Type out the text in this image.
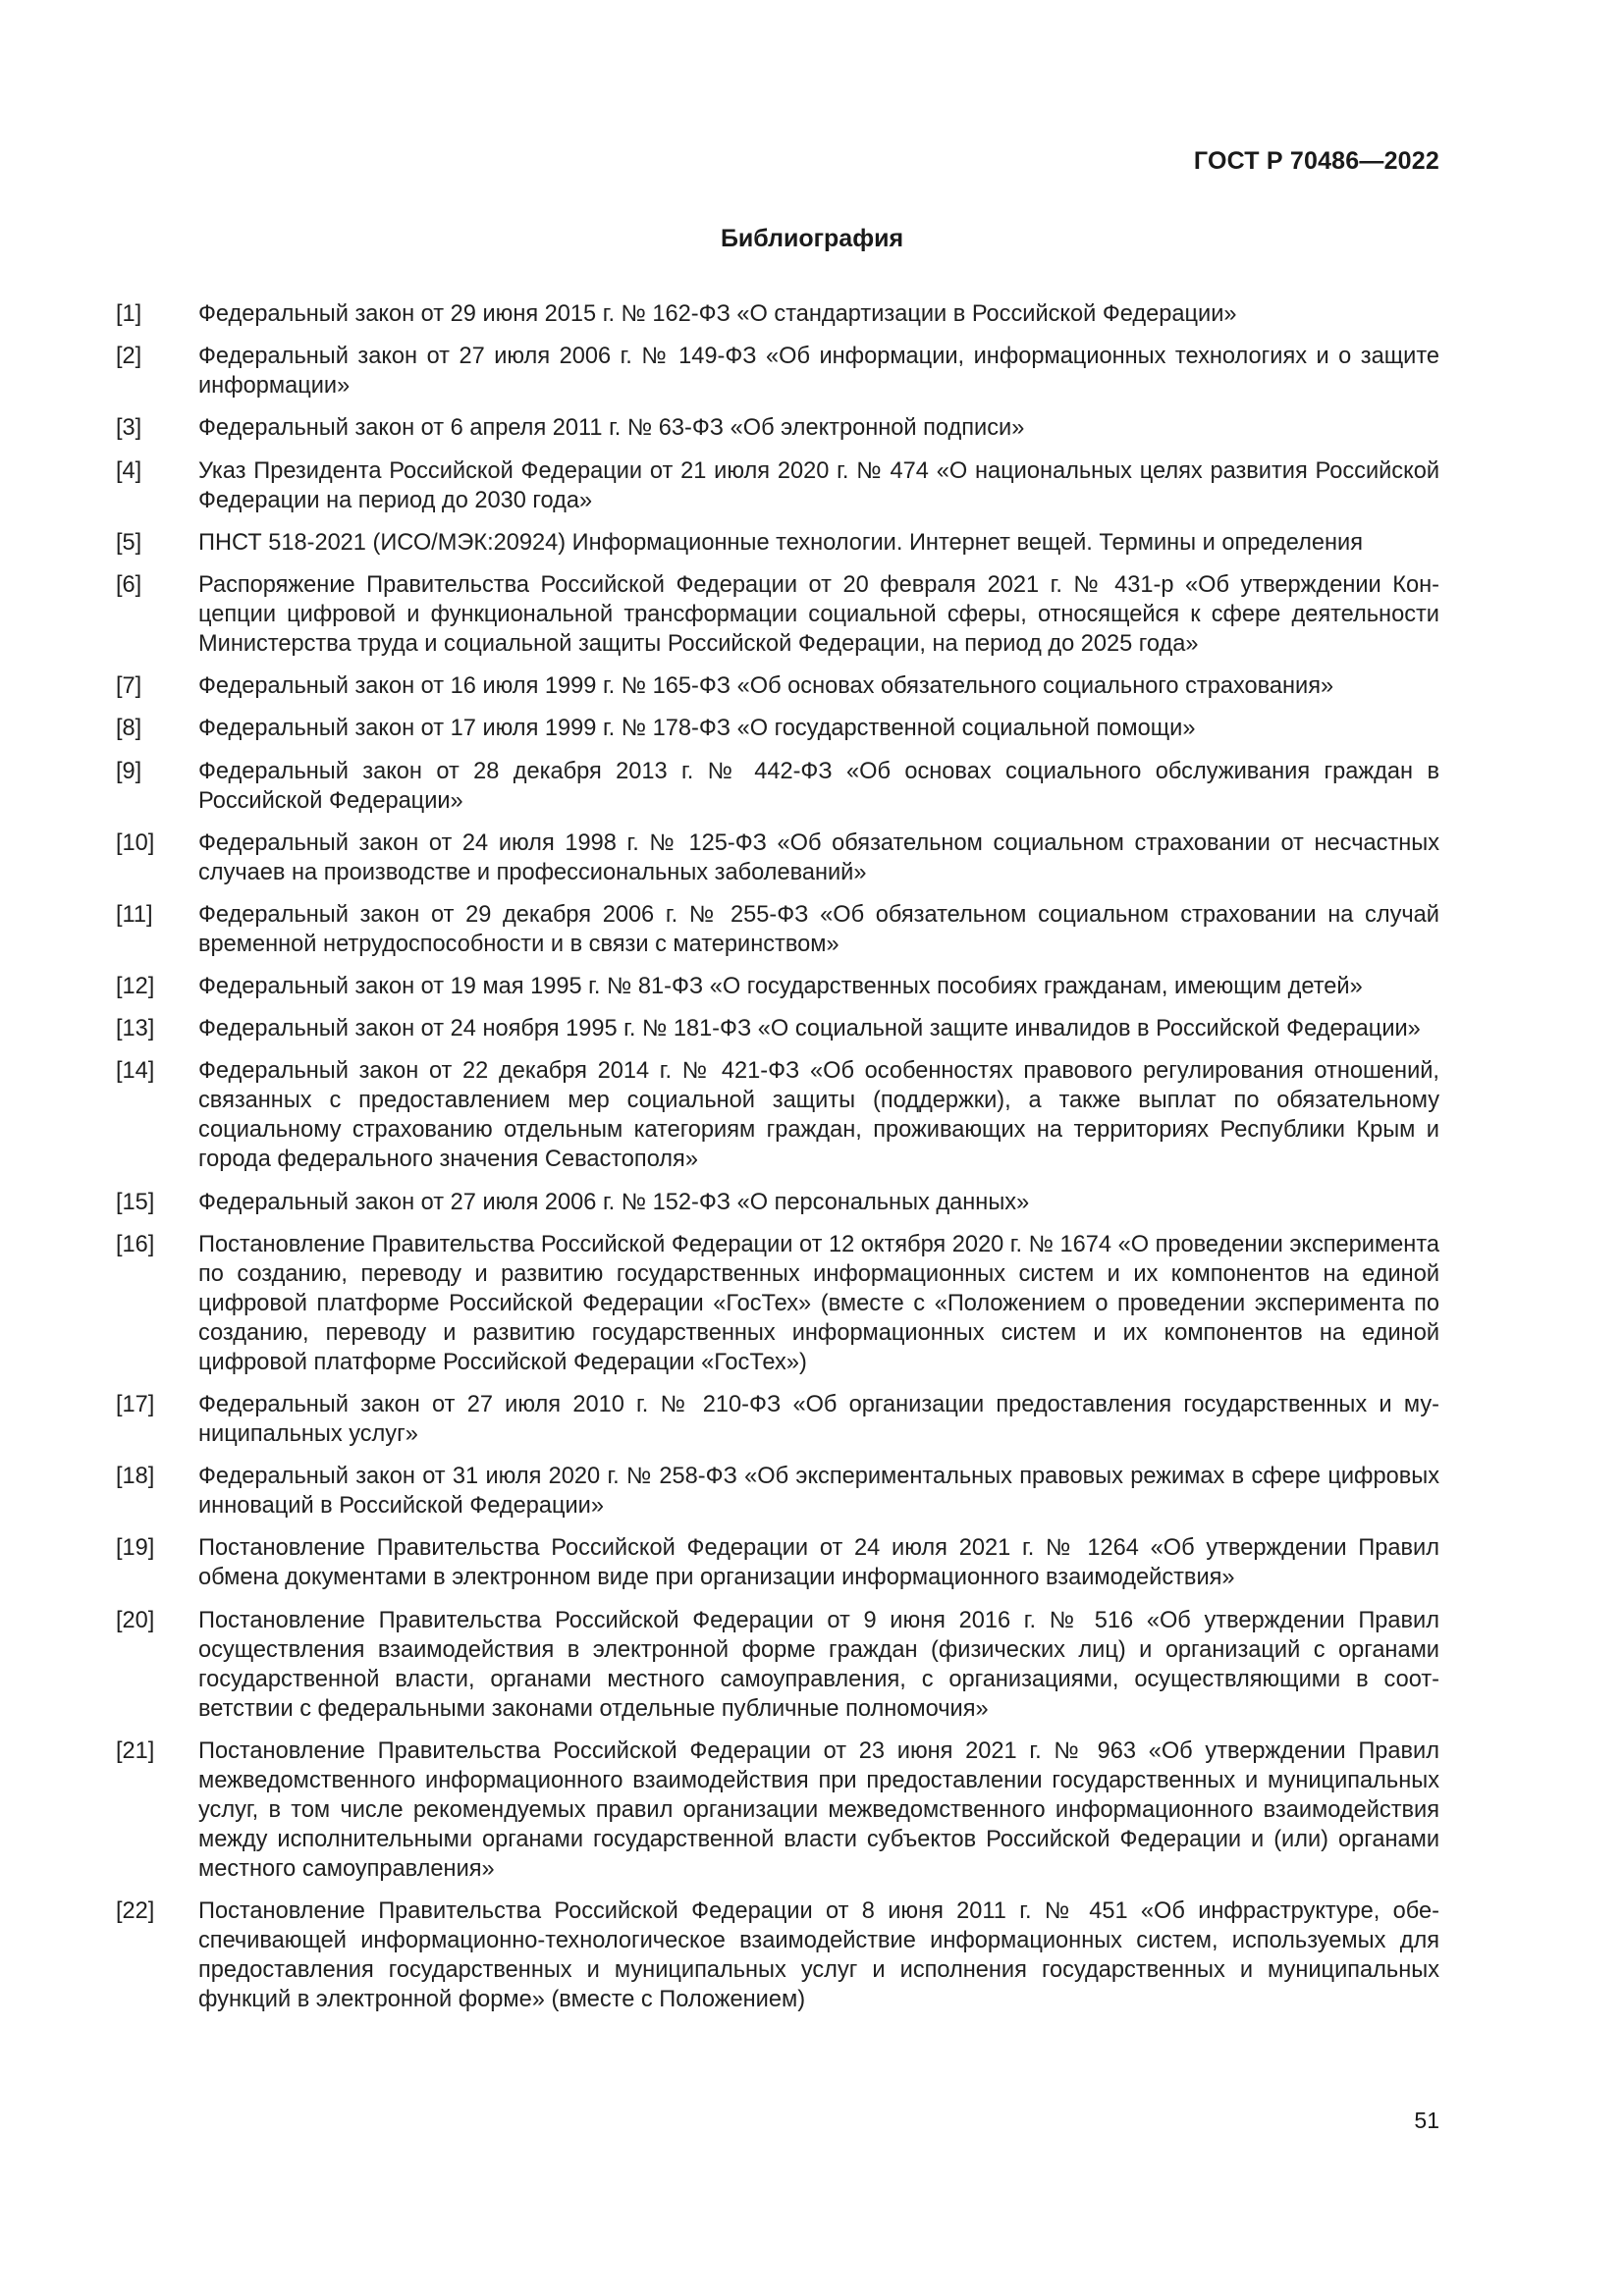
ГОСТ Р 70486—2022
Библиография
[1]	Федеральный закон от 29 июня 2015 г. № 162-ФЗ «О стандартизации в Российской Федерации»
[2]	Федеральный закон от 27 июля 2006 г. № 149-ФЗ «Об информации, информационных технологиях и о защите информации»
[3]	Федеральный закон от 6 апреля 2011 г. № 63-ФЗ «Об электронной подписи»
[4]	Указ Президента Российской Федерации от 21 июля 2020 г. № 474 «О национальных целях развития Российской Федерации на период до 2030 года»
[5]	ПНСТ 518-2021 (ИСО/МЭК:20924) Информационные технологии. Интернет вещей. Термины и определения
[6]	Распоряжение Правительства Российской Федерации от 20 февраля 2021 г. № 431-р «Об утверждении Концепции цифровой и функциональной трансформации социальной сферы, относящейся к сфере деятельности Министерства труда и социальной защиты Российской Федерации, на период до 2025 года»
[7]	Федеральный закон от 16 июля 1999 г. № 165-ФЗ «Об основах обязательного социального страхования»
[8]	Федеральный закон от 17 июля 1999 г. № 178-ФЗ «О государственной социальной помощи»
[9]	Федеральный закон от 28 декабря 2013 г. № 442-ФЗ «Об основах социального обслуживания граждан в Российской Федерации»
[10]	Федеральный закон от 24 июля 1998 г. № 125-ФЗ «Об обязательном социальном страховании от несчастных случаев на производстве и профессиональных заболеваний»
[11]	Федеральный закон от 29 декабря 2006 г. № 255-ФЗ «Об обязательном социальном страховании на случай временной нетрудоспособности и в связи с материнством»
[12]	Федеральный закон от 19 мая 1995 г. № 81-ФЗ «О государственных пособиях гражданам, имеющим детей»
[13]	Федеральный закон от 24 ноября 1995 г. № 181-ФЗ «О социальной защите инвалидов в Российской Федерации»
[14]	Федеральный закон от 22 декабря 2014 г. № 421-ФЗ «Об особенностях правового регулирования отношений, связанных с предоставлением мер социальной защиты (поддержки), а также выплат по обязательному социальному страхованию отдельным категориям граждан, проживающих на территориях Республики Крым и города федерального значения Севастополя»
[15]	Федеральный закон от 27 июля 2006 г. № 152-ФЗ «О персональных данных»
[16]	Постановление Правительства Российской Федерации от 12 октября 2020 г. № 1674 «О проведении эксперимента по созданию, переводу и развитию государственных информационных систем и их компонентов на единой цифровой платформе Российской Федерации «ГосТех» (вместе с «Положением о проведении эксперимента по созданию, переводу и развитию государственных информационных систем и их компонентов на единой цифровой платформе Российской Федерации «ГосТех»)
[17]	Федеральный закон от 27 июля 2010 г. № 210-ФЗ «Об организации предоставления государственных и муниципальных услуг»
[18]	Федеральный закон от 31 июля 2020 г. № 258-ФЗ «Об экспериментальных правовых режимах в сфере цифровых инноваций в Российской Федерации»
[19]	Постановление Правительства Российской Федерации от 24 июля 2021 г. № 1264 «Об утверждении Правил обмена документами в электронном виде при организации информационного взаимодействия»
[20]	Постановление Правительства Российской Федерации от 9 июня 2016 г. № 516 «Об утверждении Правил осуществления взаимодействия в электронной форме граждан (физических лиц) и организаций с органами государственной власти, органами местного самоуправления, с организациями, осуществляющими в соответствии с федеральными законами отдельные публичные полномочия»
[21]	Постановление Правительства Российской Федерации от 23 июня 2021 г. № 963 «Об утверждении Правил межведомственного информационного взаимодействия при предоставлении государственных и муниципальных услуг, в том числе рекомендуемых правил организации межведомственного информационного взаимодействия между исполнительными органами государственной власти субъектов Российской Федерации и (или) органами местного самоуправления»
[22]	Постановление Правительства Российской Федерации от 8 июня 2011 г. № 451 «Об инфраструктуре, обеспечивающей информационно-технологическое взаимодействие информационных систем, используемых для предоставления государственных и муниципальных услуг и исполнения государственных и муниципальных функций в электронной форме» (вместе с Положением)
51
